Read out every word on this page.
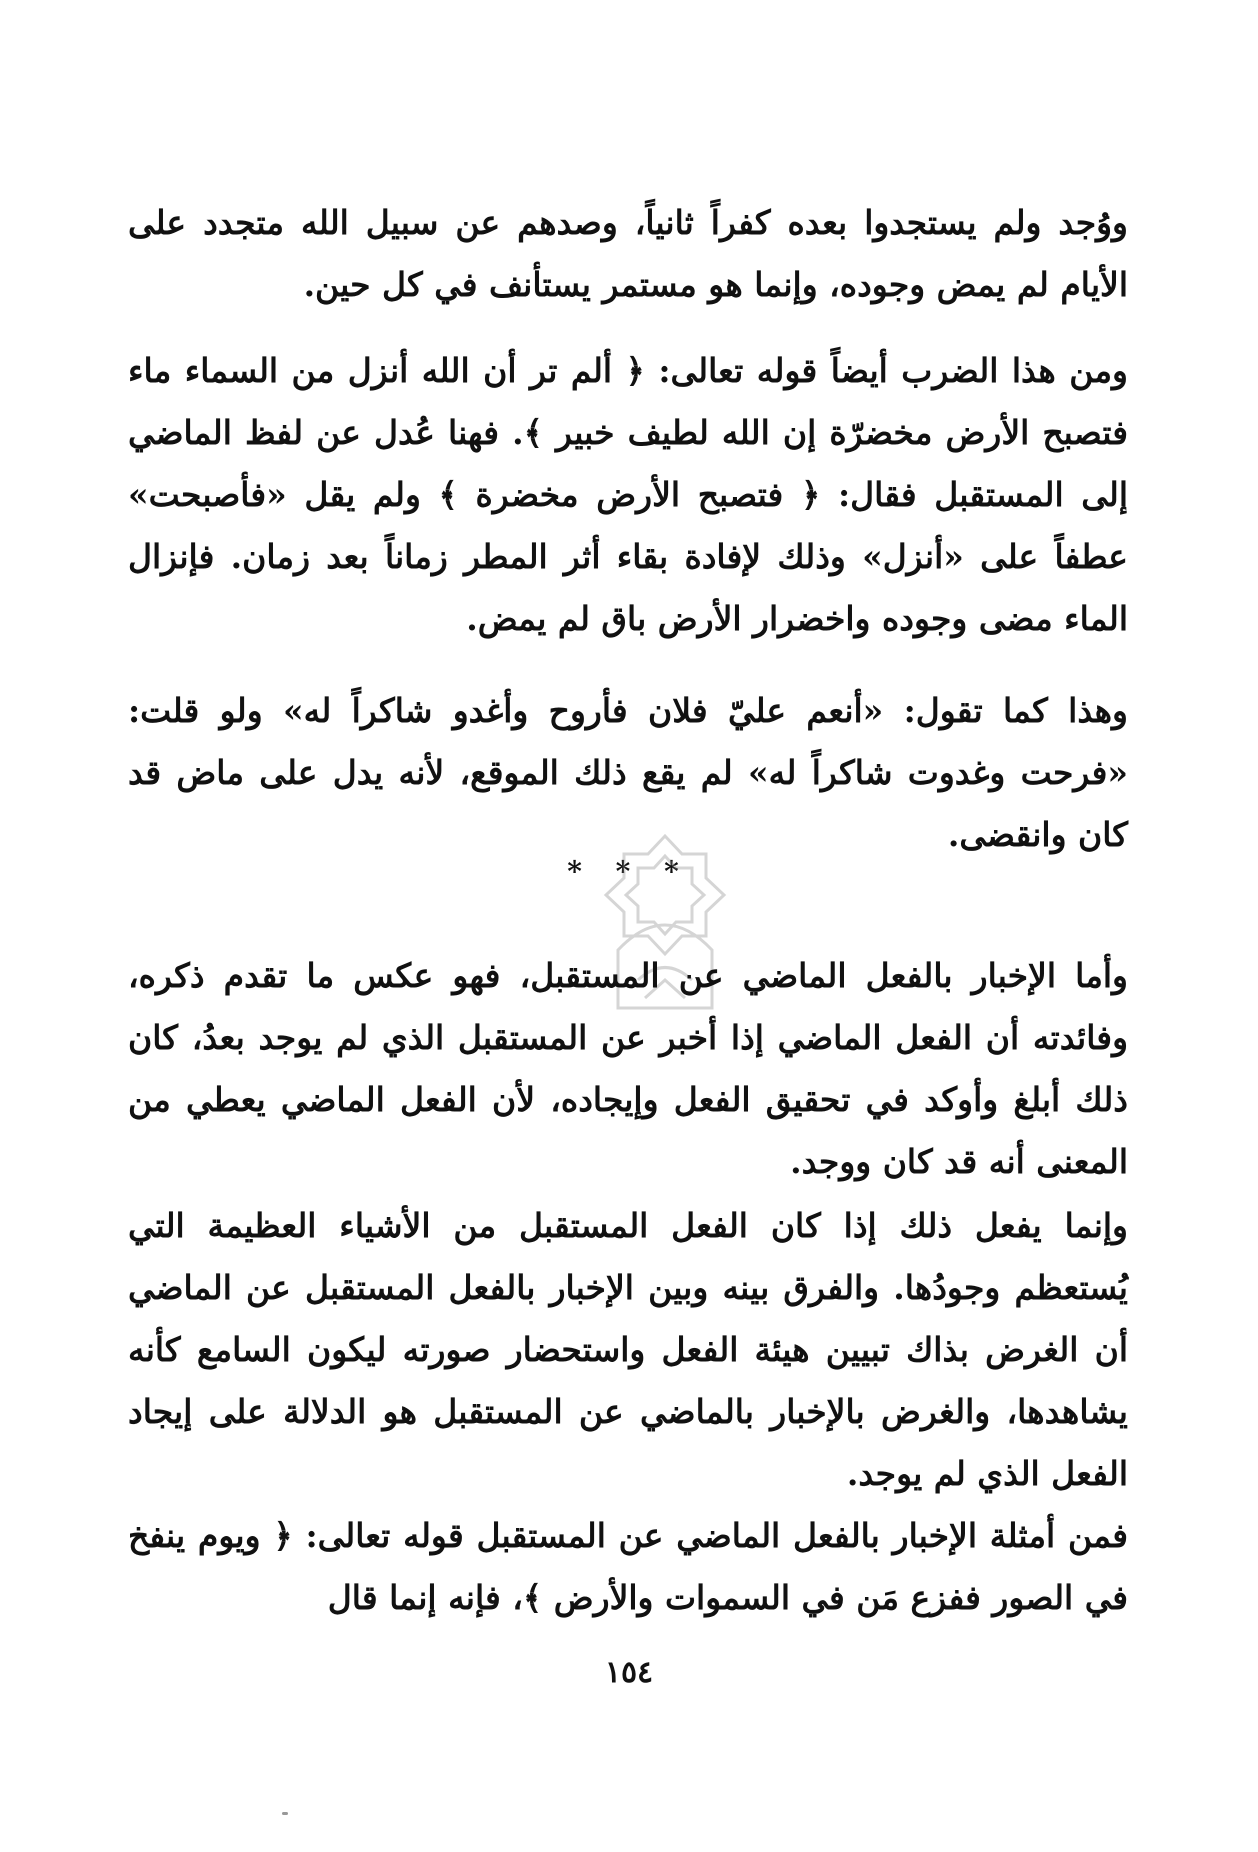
ووُجد ولم يستجدوا بعده كفراً ثانياً، وصدهم عن سبيل الله متجدد على الأيام لم يمض وجوده، وإنما هو مستمر يستأنف في كل حين.

ومن هذا الضرب أيضاً قوله تعالى: ﴿ ألم تر أن الله أنزل من السماء ماء فتصبح الأرض مخضرّة إن الله لطيف خبير ﴾. فهنا عُدل عن لفظ الماضي إلى المستقبل فقال: ﴿ فتصبح الأرض مخضرة ﴾ ولم يقل «فأصبحت» عطفاً على «أنزل» وذلك لإفادة بقاء أثر المطر زماناً بعد زمان. فإنزال الماء مضى وجوده واخضرار الأرض باق لم يمض.

وهذا كما تقول: «أنعم عليّ فلان فأروح وأغدو شاكراً له» ولو قلت: «فرحت وغدوت شاكراً له» لم يقع ذلك الموقع، لأنه يدل على ماض قد كان وانقضى.

* * *

وأما الإخبار بالفعل الماضي عن المستقبل، فهو عكس ما تقدم ذكره، وفائدته أن الفعل الماضي إذا أخبر عن المستقبل الذي لم يوجد بعدُ، كان ذلك أبلغ وأوكد في تحقيق الفعل وإيجاده، لأن الفعل الماضي يعطي من المعنى أنه قد كان ووجد.

وإنما يفعل ذلك إذا كان الفعل المستقبل من الأشياء العظيمة التي يُستعظم وجودُها. والفرق بينه وبين الإخبار بالفعل المستقبل عن الماضي أن الغرض بذاك تبيين هيئة الفعل واستحضار صورته ليكون السامع كأنه يشاهدها، والغرض بالإخبار بالماضي عن المستقبل هو الدلالة على إيجاد الفعل الذي لم يوجد.

فمن أمثلة الإخبار بالفعل الماضي عن المستقبل قوله تعالى: ﴿ ويوم ينفخ في الصور ففزع مَن في السموات والأرض ﴾، فإنه إنما قال

١٥٤
